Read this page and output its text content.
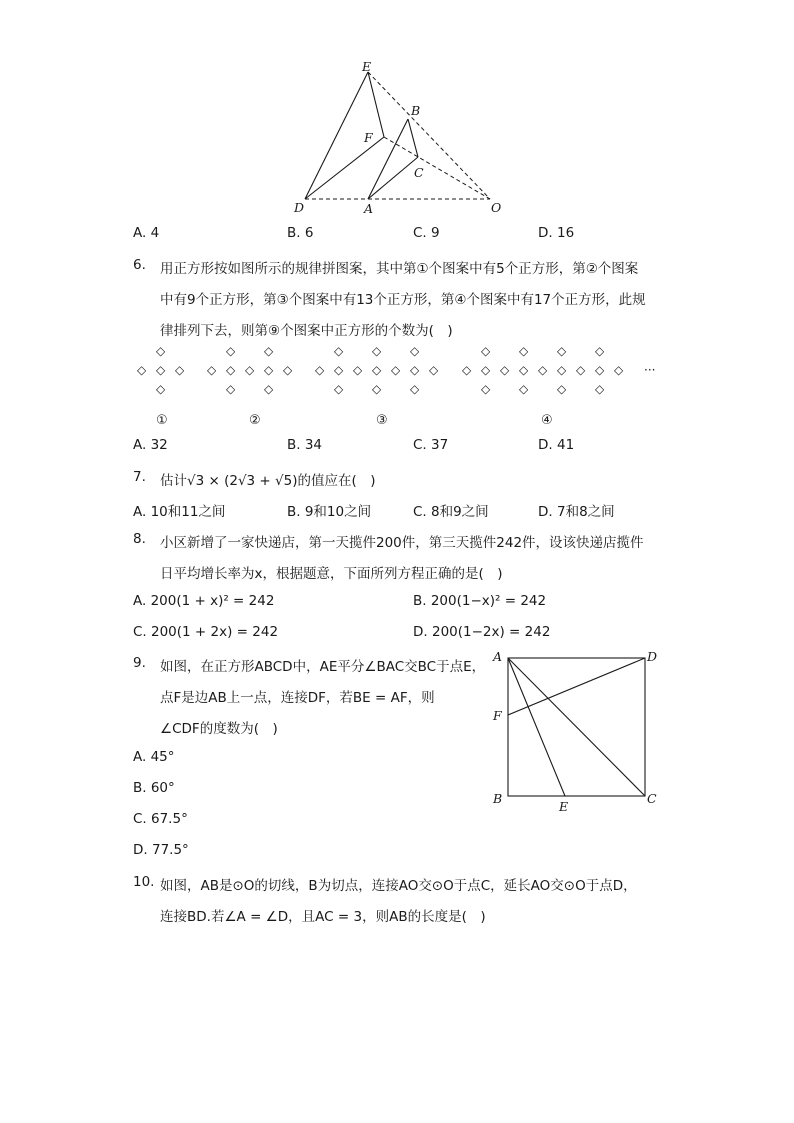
E
B
F
C
D	A	O
A. 4	B. 6	C. 9	D. 16
6. 用正方形按如图所示的规律拼图案，其中第①个图案中有5个正方形，第②个图案
中有9个正方形，第③个图案中有13个正方形，第④个图案中有17个正方形，此规
律排列下去，则第⑨个图案中正方形的个数为(　)
◇
◇ ◇ ◇
◇
◇ ◇
◇ ◇ ◇ ◇ ◇
◇ ◇
◇ ◇ ◇
◇ ◇ ◇ ◇ ◇ ◇ ◇
◇ ◇ ◇
◇ ◇ ◇ ◇
◇ ◇ ◇ ◇ ◇ ◇ ◇ ◇ ◇
◇ ◇ ◇ ◇
···
①	②	③	④
A. 32	B. 34	C. 37	D. 41
7. 估计√3 × (2√3 + √5)的值应在(　)
A. 10和11之间	B. 9和10之间	C. 8和9之间	D. 7和8之间
8. 小区新增了一家快递店，第一天揽件200件，第三天揽件242件，设该快递店揽件
日平均增长率为x，根据题意，下面所列方程正确的是(　)
A. 200(1 + x)² = 242	B. 200(1−x)² = 242
C. 200(1 + 2x) = 242	D. 200(1−2x) = 242
9. 如图，在正方形ABCD中，AE平分∠BAC交BC于点E，
点F是边AB上一点，连接DF，若BE = AF，则
∠CDF的度数为(　)
A. 45°
B. 60°
C. 67.5°
D. 77.5°
A	D
F
B
E
C
10. 如图，AB是⊙O的切线，B为切点，连接AO交⊙O于点C，延长AO交⊙O于点D，
连接BD.若∠A = ∠D，且AC = 3，则AB的长度是(　)
